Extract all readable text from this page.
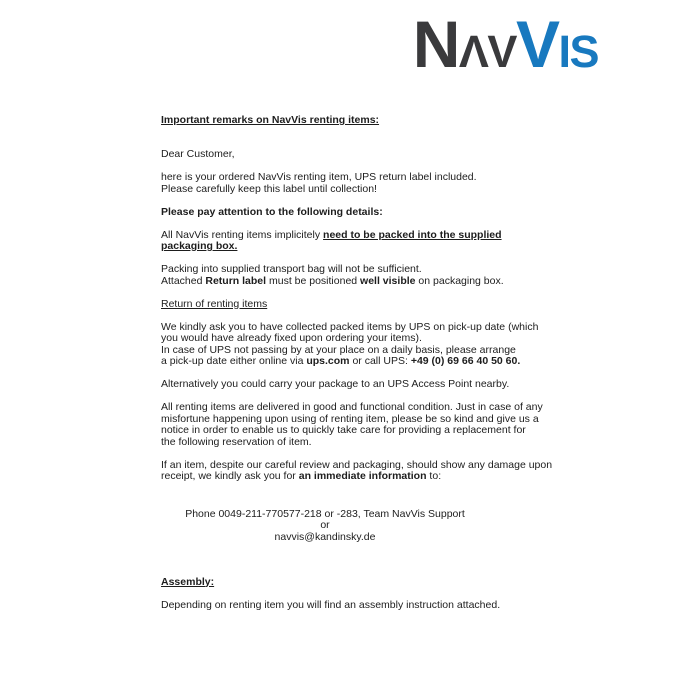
NΛVVIS
Important remarks on NavVis renting items:
Dear Customer,
here is your ordered NavVis renting item, UPS return label included.
Please carefully keep this label until collection!
Please pay attention to the following details:
All NavVis renting items implicitely need to be packed into the supplied
packaging box.
Packing into supplied transport bag will not be sufficient.
Attached Return label must be positioned well visible on packaging box.
Return of renting items
We kindly ask you to have collected packed items by UPS on pick-up date (which
you would have already fixed upon ordering your items).
In case of UPS not passing by at your place on a daily basis, please arrange
a pick-up date either online via ups.com or call UPS: +49 (0) 69 66 40 50 60.
Alternatively you could carry your package to an UPS Access Point nearby.
All renting items are delivered in good and functional condition. Just in case of any
misfortune happening upon using of renting item, please be so kind and give us a
notice in order to enable us to quickly take care for providing a replacement for
the following reservation of item.
If an item, despite our careful review and packaging, should show any damage upon
receipt, we kindly ask you for an immediate information to:
Phone 0049-211-770577-218 or -283, Team NavVis Support
or
navvis@kandinsky.de
Assembly:
Depending on renting item you will find an assembly instruction attached.
